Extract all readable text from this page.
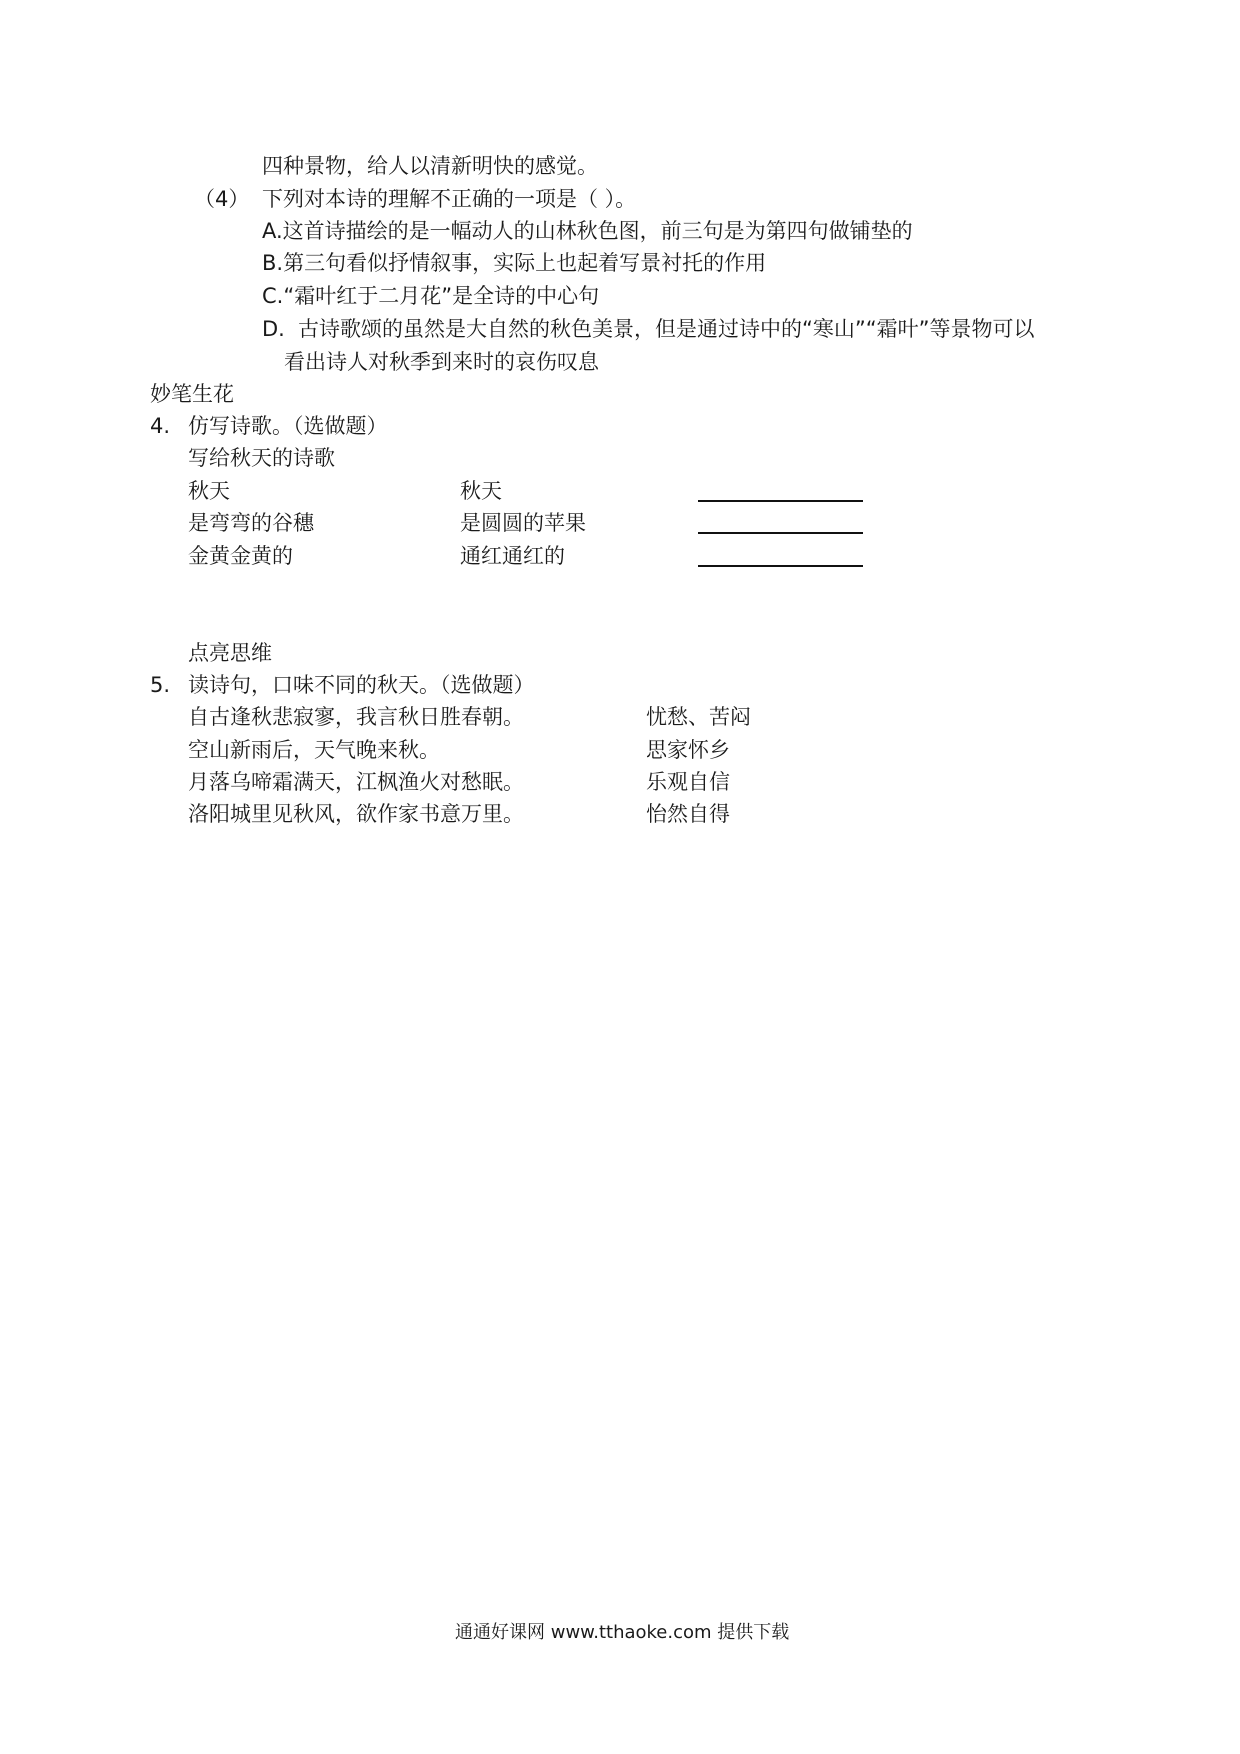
四种景物，给人以清新明快的感觉。
（4） 下列对本诗的理解不正确的一项是（ ）。
A.这首诗描绘的是一幅动人的山林秋色图，前三句是为第四句做铺垫的
B.第三句看似抒情叙事，实际上也起着写景衬托的作用
C.“霜叶红于二月花”是全诗的中心句
D. 古诗歌颂的虽然是大自然的秋色美景，但是通过诗中的“寒山”“霜叶”等景物可以
看出诗人对秋季到来时的哀伤叹息
妙笔生花
4. 仿写诗歌。（选做题）
写给秋天的诗歌
秋天
是弯弯的谷穗
金黄金黄的
秋天
是圆圆的苹果
通红通红的
点亮思维
5. 读诗句，口味不同的秋天。（选做题）
自古逢秋悲寂寥，我言秋日胜春朝。
空山新雨后，天气晚来秋。
月落乌啼霜满天，江枫渔火对愁眠。
洛阳城里见秋风，欲作家书意万里。
忧愁、苦闷
思家怀乡
乐观自信
怡然自得
通通好课网 www.tthaoke.com 提供下载
